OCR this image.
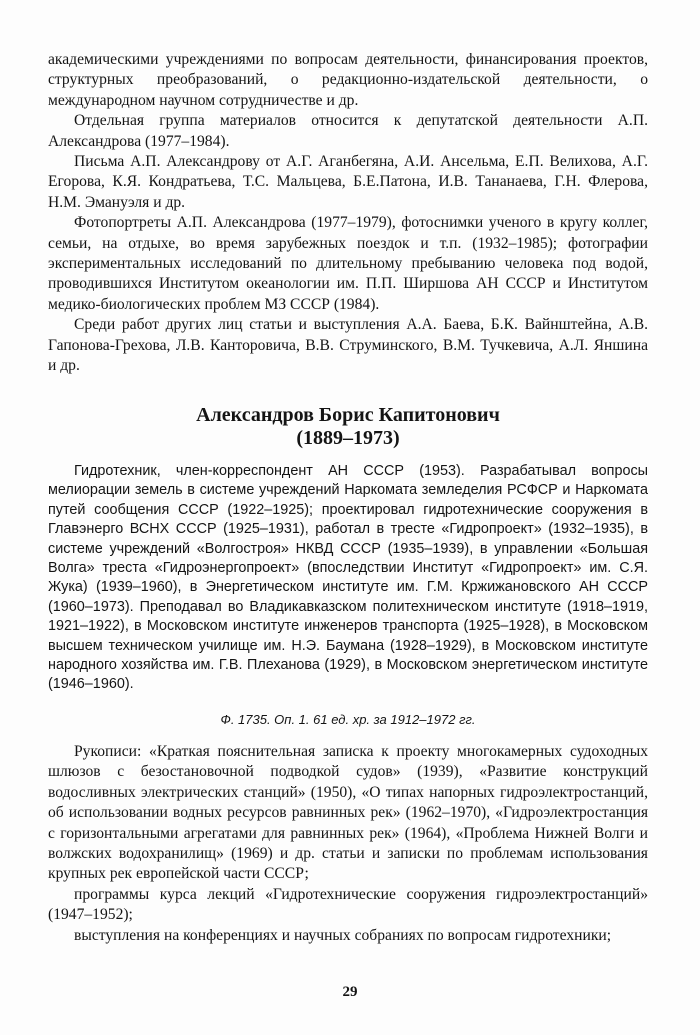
академическими учреждениями по вопросам деятельности, финансирования проектов, структурных преобразований, о редакционно-издательской деятельности, о международном научном сотрудничестве и др.

Отдельная группа материалов относится к депутатской деятельности А.П. Александрова (1977–1984).

Письма А.П. Александрову от А.Г. Аганбегяна, А.И. Ансельма, Е.П. Велихова, А.Г. Егорова, К.Я. Кондратьева, Т.С. Мальцева, Б.Е.Патона, И.В. Тананаева, Г.Н. Флерова, Н.М. Эмануэля и др.

Фотопортреты А.П. Александрова (1977–1979), фотоснимки ученого в кругу коллег, семьи, на отдыхе, во время зарубежных поездок и т.п. (1932–1985); фотографии экспериментальных исследований по длительному пребыванию человека под водой, проводившихся Институтом океанологии им. П.П. Ширшова АН СССР и Институтом медико-биологических проблем МЗ СССР (1984).

Среди работ других лиц статьи и выступления А.А. Баева, Б.К. Вайнштейна, А.В. Гапонова-Грехова, Л.В. Канторовича, В.В. Струминского, В.М. Тучкевича, А.Л. Яншина и др.

Александров Борис Капитонович

(1889–1973)

Гидротехник, член-корреспондент АН СССР (1953). Разрабатывал вопросы мелиорации земель в системе учреждений Наркомата земледелия РСФСР и Наркомата путей сообщения СССР (1922–1925); проектировал гидротехнические сооружения в Главэнерго ВСНХ СССР (1925–1931), работал в тресте «Гидропроект» (1932–1935), в системе учреждений «Волгостроя» НКВД СССР (1935–1939), в управлении «Большая Волга» треста «Гидроэнергопроект» (впоследствии Институт «Гидропроект» им. С.Я. Жука) (1939–1960), в Энергетическом институте им. Г.М. Кржижановского АН СССР (1960–1973). Преподавал во Владикавказском политехническом институте (1918–1919, 1921–1922), в Московском институте инженеров транспорта (1925–1928), в Московском высшем техническом училище им. Н.Э. Баумана (1928–1929), в Московском институте народного хозяйства им. Г.В. Плеханова (1929), в Московском энергетическом институте (1946–1960).

Ф. 1735. Оп. 1. 61 ед. хр. за 1912–1972 гг.

Рукописи: «Краткая пояснительная записка к проекту многокамерных судоходных шлюзов с безостановочной подводкой судов» (1939), «Развитие конструкций водосливных электрических станций» (1950), «О типах напорных гидроэлектростанций, об использовании водных ресурсов равнинных рек» (1962–1970), «Гидроэлектростанция с горизонтальными агрегатами для равнинных рек» (1964), «Проблема Нижней Волги и волжских водохранилищ» (1969) и др. статьи и записки по проблемам использования крупных рек европейской части СССР;

программы курса лекций «Гидротехнические сооружения гидроэлектростанций» (1947–1952);

выступления на конференциях и научных собраниях по вопросам гидротехники;

29
